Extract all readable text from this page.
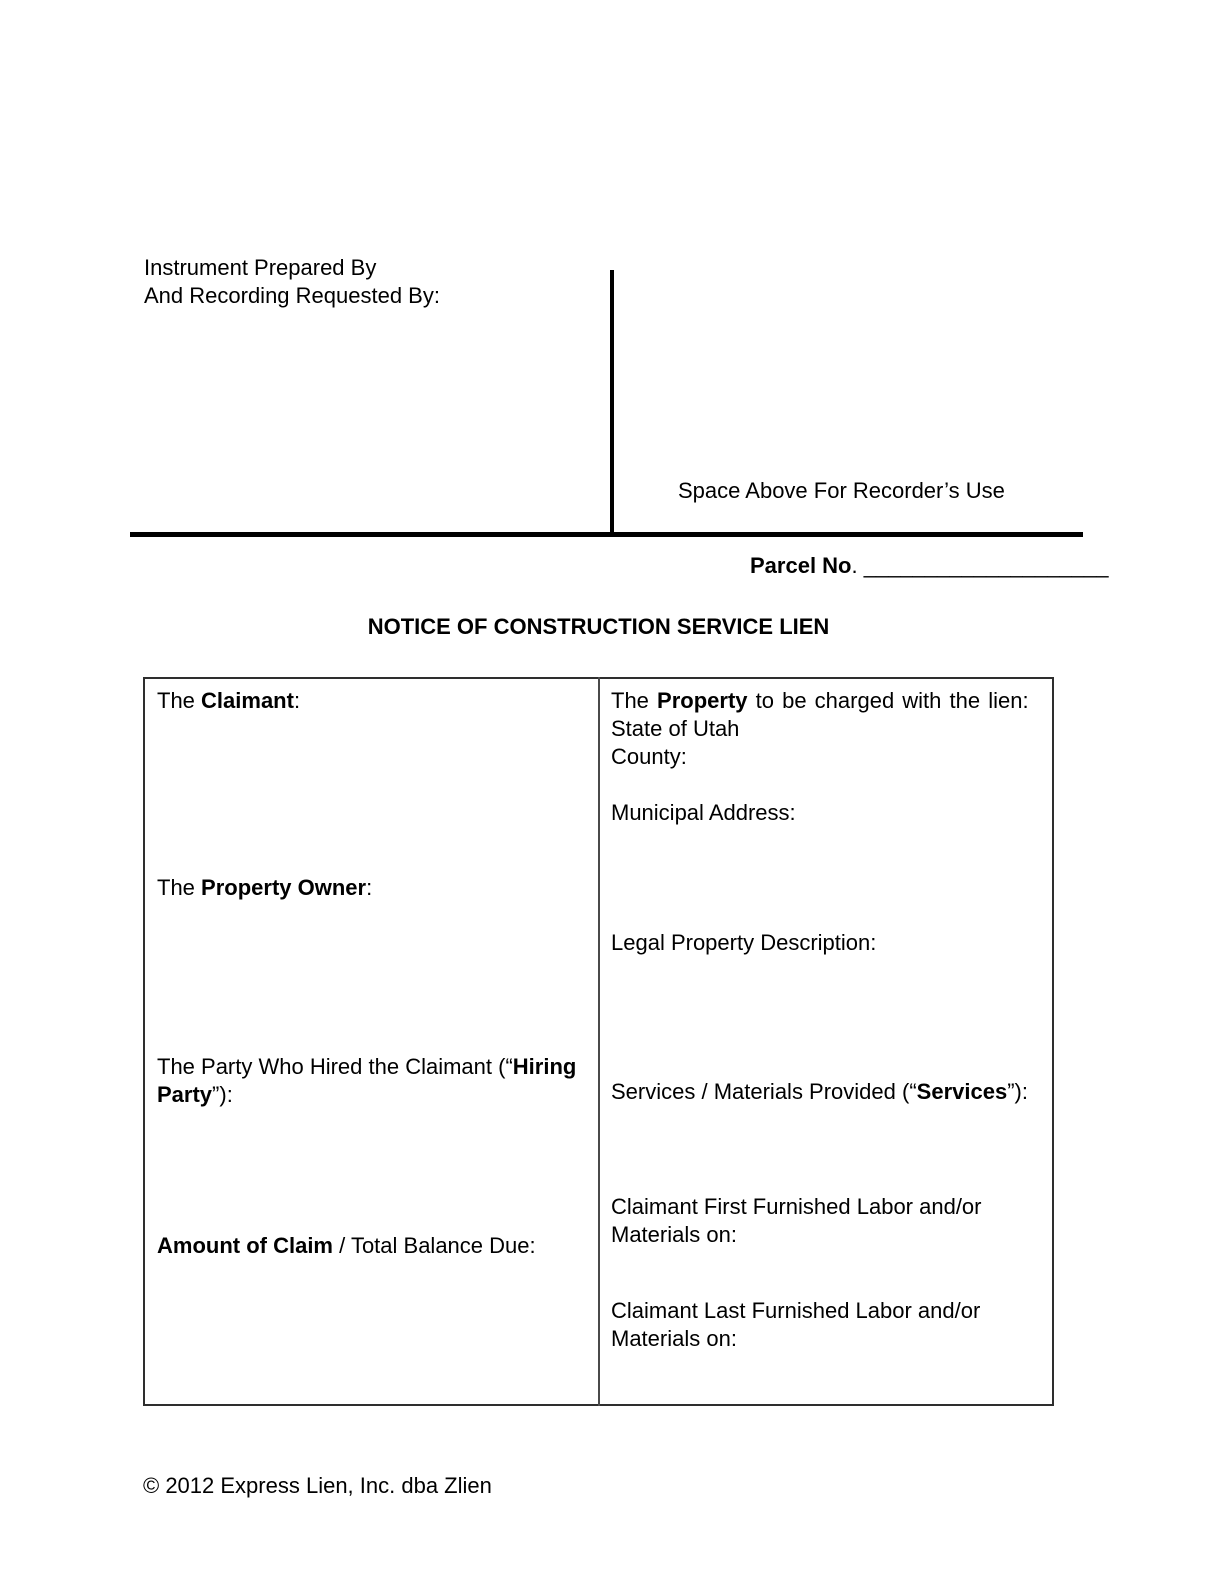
Instrument Prepared By
And Recording Requested By:
Space Above For Recorder’s Use
Parcel No. ____________________
NOTICE OF CONSTRUCTION SERVICE LIEN
The Claimant:
The Property Owner:
The Party Who Hired the Claimant (“Hiring Party”):
Amount of Claim / Total Balance Due:
The Property to be charged with the lien:
State of Utah
County:
Municipal Address:
Legal Property Description:
Services / Materials Provided (“Services”):
Claimant First Furnished Labor and/or Materials on:
Claimant Last Furnished Labor and/or Materials on:
© 2012 Express Lien, Inc. dba Zlien
